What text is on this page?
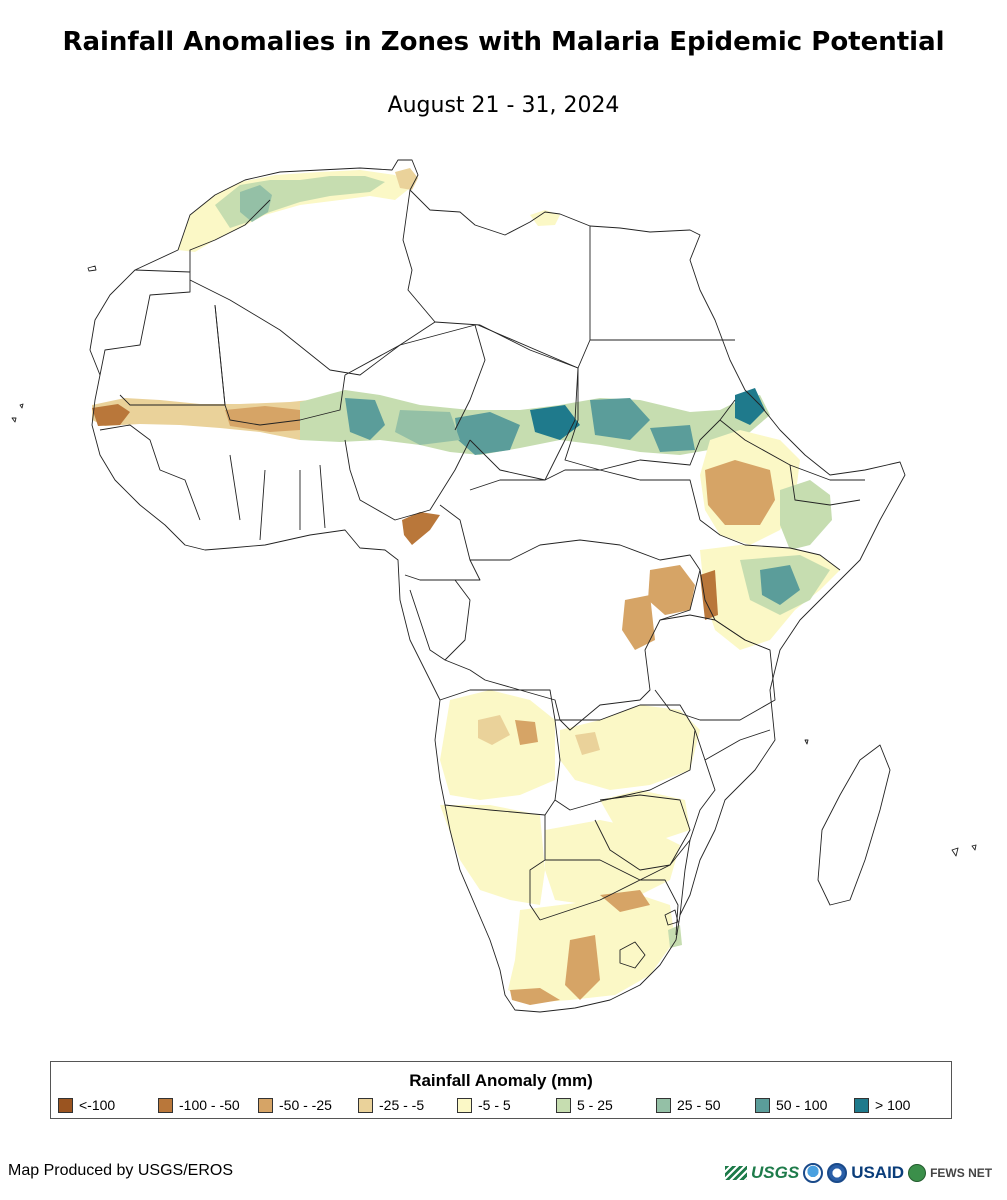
Rainfall Anomalies in Zones with Malaria Epidemic Potential
August 21 - 31, 2024
Rainfall Anomaly (mm)
<-100	-100 - -50	-50 - -25	-25 - -5	-5 - 5	5 - 25	25 - 50	50 - 100	> 100
Map Produced by USGS/EROS	USGS	USAID FEWS NET
